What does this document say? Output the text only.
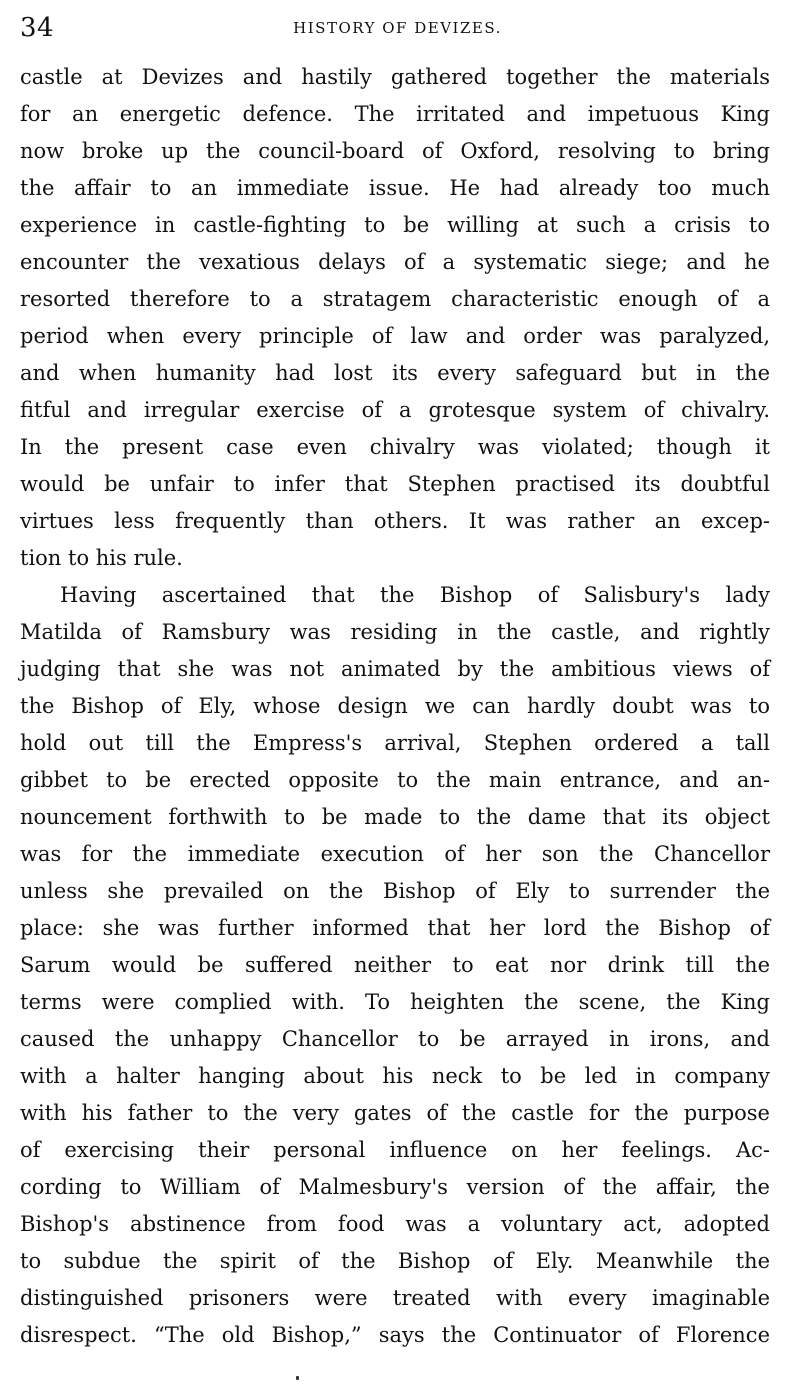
34	HISTORY OF DEVIZES.
castle at Devizes and hastily gathered together the materials
for an energetic defence. The irritated and impetuous King
now broke up the council-board of Oxford, resolving to bring
the affair to an immediate issue. He had already too much
experience in castle-fighting to be willing at such a crisis to
encounter the vexatious delays of a systematic siege; and he
resorted therefore to a stratagem characteristic enough of a
period when every principle of law and order was paralyzed,
and when humanity had lost its every safeguard but in the
fitful and irregular exercise of a grotesque system of chivalry.
In the present case even chivalry was violated; though it
would be unfair to infer that Stephen practised its doubtful
virtues less frequently than others. It was rather an excep-
tion to his rule.
Having ascertained that the Bishop of Salisbury's lady
Matilda of Ramsbury was residing in the castle, and rightly
judging that she was not animated by the ambitious views of
the Bishop of Ely, whose design we can hardly doubt was to
hold out till the Empress's arrival, Stephen ordered a tall
gibbet to be erected opposite to the main entrance, and an-
nouncement forthwith to be made to the dame that its object
was for the immediate execution of her son the Chancellor
unless she prevailed on the Bishop of Ely to surrender the
place: she was further informed that her lord the Bishop of
Sarum would be suffered neither to eat nor drink till the
terms were complied with. To heighten the scene, the King
caused the unhappy Chancellor to be arrayed in irons, and
with a halter hanging about his neck to be led in company
with his father to the very gates of the castle for the purpose
of exercising their personal influence on her feelings. Ac-
cording to William of Malmesbury's version of the affair, the
Bishop's abstinence from food was a voluntary act, adopted
to subdue the spirit of the Bishop of Ely. Meanwhile the
distinguished prisoners were treated with every imaginable
disrespect. “The old Bishop,” says the Continuator of Florence
